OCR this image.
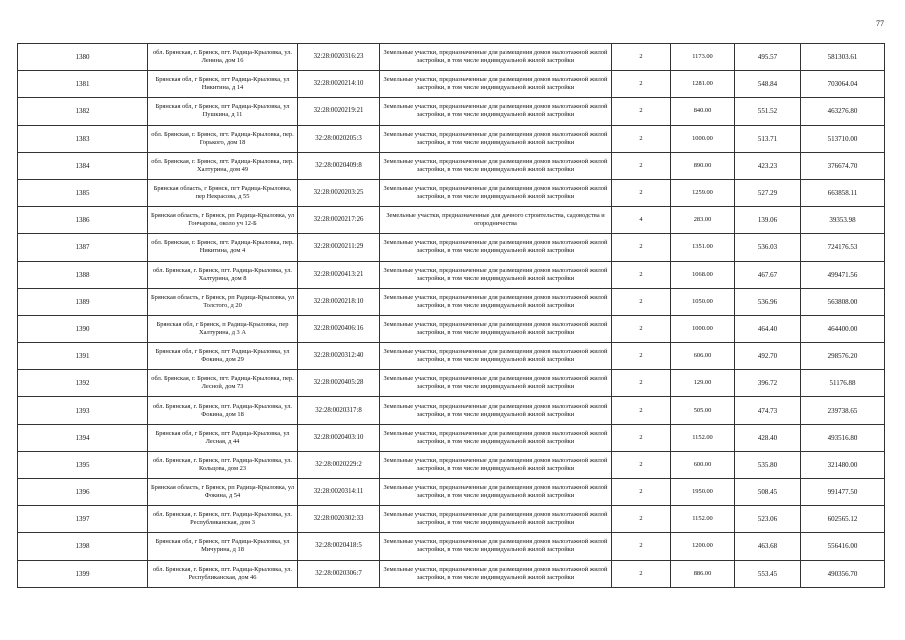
77
1380	обл. Брянская, г. Брянск, пгт. Радица-Крыловка, ул. Ленина, дом 16	32:28:0020316:23	Земельные участки, предназначенные для размещения домов малоэтажной жилой застройки, в том числе индивидуальной жилой застройки	2	1173.00	495.57	581303.61
1381	Брянская обл, г Брянск, пгт Радица-Крыловка, ул Никитина, д 14	32:28:0020214:10	Земельные участки, предназначенные для размещения домов малоэтажной жилой застройки, в том числе индивидуальной жилой застройки	2	1281.00	548.84	703064.04
1382	Брянская обл, г Брянск, пгт Радица-Крыловка, ул Пушкина, д 11	32:28:0020219:21	Земельные участки, предназначенные для размещения домов малоэтажной жилой застройки, в том числе индивидуальной жилой застройки	2	840.00	551.52	463276.80
1383	обл. Брянская, г. Брянск, пгт. Радица-Крыловка, пер. Горького, дом 18	32:28:0020205:3	Земельные участки, предназначенные для размещения домов малоэтажной жилой застройки, в том числе индивидуальной жилой застройки	2	1000.00	513.71	513710.00
1384	обл. Брянская, г. Брянск, пгт. Радица-Крыловка, пер. Халтурина, дом 49	32:28:0020409:8	Земельные участки, предназначенные для размещения домов малоэтажной жилой застройки, в том числе индивидуальной жилой застройки	2	890.00	423.23	376674.70
1385	Брянская область, г Брянск, пгт Радица-Крыловка, пер Некрасова, д 55	32:28:0020203:25	Земельные участки, предназначенные для размещения домов малоэтажной жилой застройки, в том числе индивидуальной жилой застройки	2	1259.00	527.29	663858.11
1386	Брянская область, г Брянск, рп Радица-Крыловка, ул Гончарова, около уч 12-Б	32:28:0020217:26	Земельные участки, предназначенные для дачного строительства, садоводства и огородничества	4	283.00	139.06	39353.98
1387	обл. Брянская, г. Брянск, пгт. Радица-Крыловка, пер. Никитина, дом 4	32:28:0020211:29	Земельные участки, предназначенные для размещения домов малоэтажной жилой застройки, в том числе индивидуальной жилой застройки	2	1351.00	536.03	724176.53
1388	обл. Брянская, г. Брянск, пгт. Радица-Крыловка, ул. Халтурина, дом 8	32:28:0020413:21	Земельные участки, предназначенные для размещения домов малоэтажной жилой застройки, в том числе индивидуальной жилой застройки	2	1068.00	467.67	499471.56
1389	Брянская область, г Брянск, рп Радица-Крыловка, ул Толстого, д 20	32:28:0020218:10	Земельные участки, предназначенные для размещения домов малоэтажной жилой застройки, в том числе индивидуальной жилой застройки	2	1050.00	536.96	563808.00
1390	Брянская обл, г Брянск, п Радица-Крыловка, пер Халтурина, д 3 А	32:28:0020406:16	Земельные участки, предназначенные для размещения домов малоэтажной жилой застройки, в том числе индивидуальной жилой застройки	2	1000.00	464.40	464400.00
1391	Брянская обл, г Брянск, пгт Радица-Крыловка, ул Фокина, дом 29	32:28:0020312:40	Земельные участки, предназначенные для размещения домов малоэтажной жилой застройки, в том числе индивидуальной жилой застройки	2	606.00	492.70	298576.20
1392	обл. Брянская, г. Брянск, пгт. Радица-Крыловка, пер. Лесной, дом 73	32:28:0020405:28	Земельные участки, предназначенные для размещения домов малоэтажной жилой застройки, в том числе индивидуальной жилой застройки	2	129.00	396.72	51176.88
1393	обл. Брянская, г. Брянск, пгт. Радица-Крыловка, ул. Фокина, дом 18	32:28:0020317:8	Земельные участки, предназначенные для размещения домов малоэтажной жилой застройки, в том числе индивидуальной жилой застройки	2	505.00	474.73	239738.65
1394	Брянская обл, г Брянск, пгт Радица-Крыловка, ул Лесная, д 44	32:28:0020403:10	Земельные участки, предназначенные для размещения домов малоэтажной жилой застройки, в том числе индивидуальной жилой застройки	2	1152.00	428.40	493516.80
1395	обл. Брянская, г. Брянск, пгт. Радица-Крыловка, ул. Кольцова, дом 23	32:28:0020229:2	Земельные участки, предназначенные для размещения домов малоэтажной жилой застройки, в том числе индивидуальной жилой застройки	2	600.00	535.80	321480.00
1396	Брянская область, г Брянск, рп Радица-Крыловка, ул Фокина, д 54	32:28:0020314:11	Земельные участки, предназначенные для размещения домов малоэтажной жилой застройки, в том числе индивидуальной жилой застройки	2	1950.00	508.45	991477.50
1397	обл. Брянская, г. Брянск, пгт. Радица-Крыловка, ул. Республиканская, дом 3	32:28:0020302:33	Земельные участки, предназначенные для размещения домов малоэтажной жилой застройки, в том числе индивидуальной жилой застройки	2	1152.00	523.06	602565.12
1398	Брянская обл, г Брянск, пгт Радица-Крыловка, ул Мичурина, д 18	32:28:0020418:5	Земельные участки, предназначенные для размещения домов малоэтажной жилой застройки, в том числе индивидуальной жилой застройки	2	1200.00	463.68	556416.00
1399	обл. Брянская, г. Брянск, пгт. Радица-Крыловка, ул. Республиканская, дом 46	32:28:0020306:7	Земельные участки, предназначенные для размещения домов малоэтажной жилой застройки, в том числе индивидуальной жилой застройки	2	886.00	553.45	490356.70
